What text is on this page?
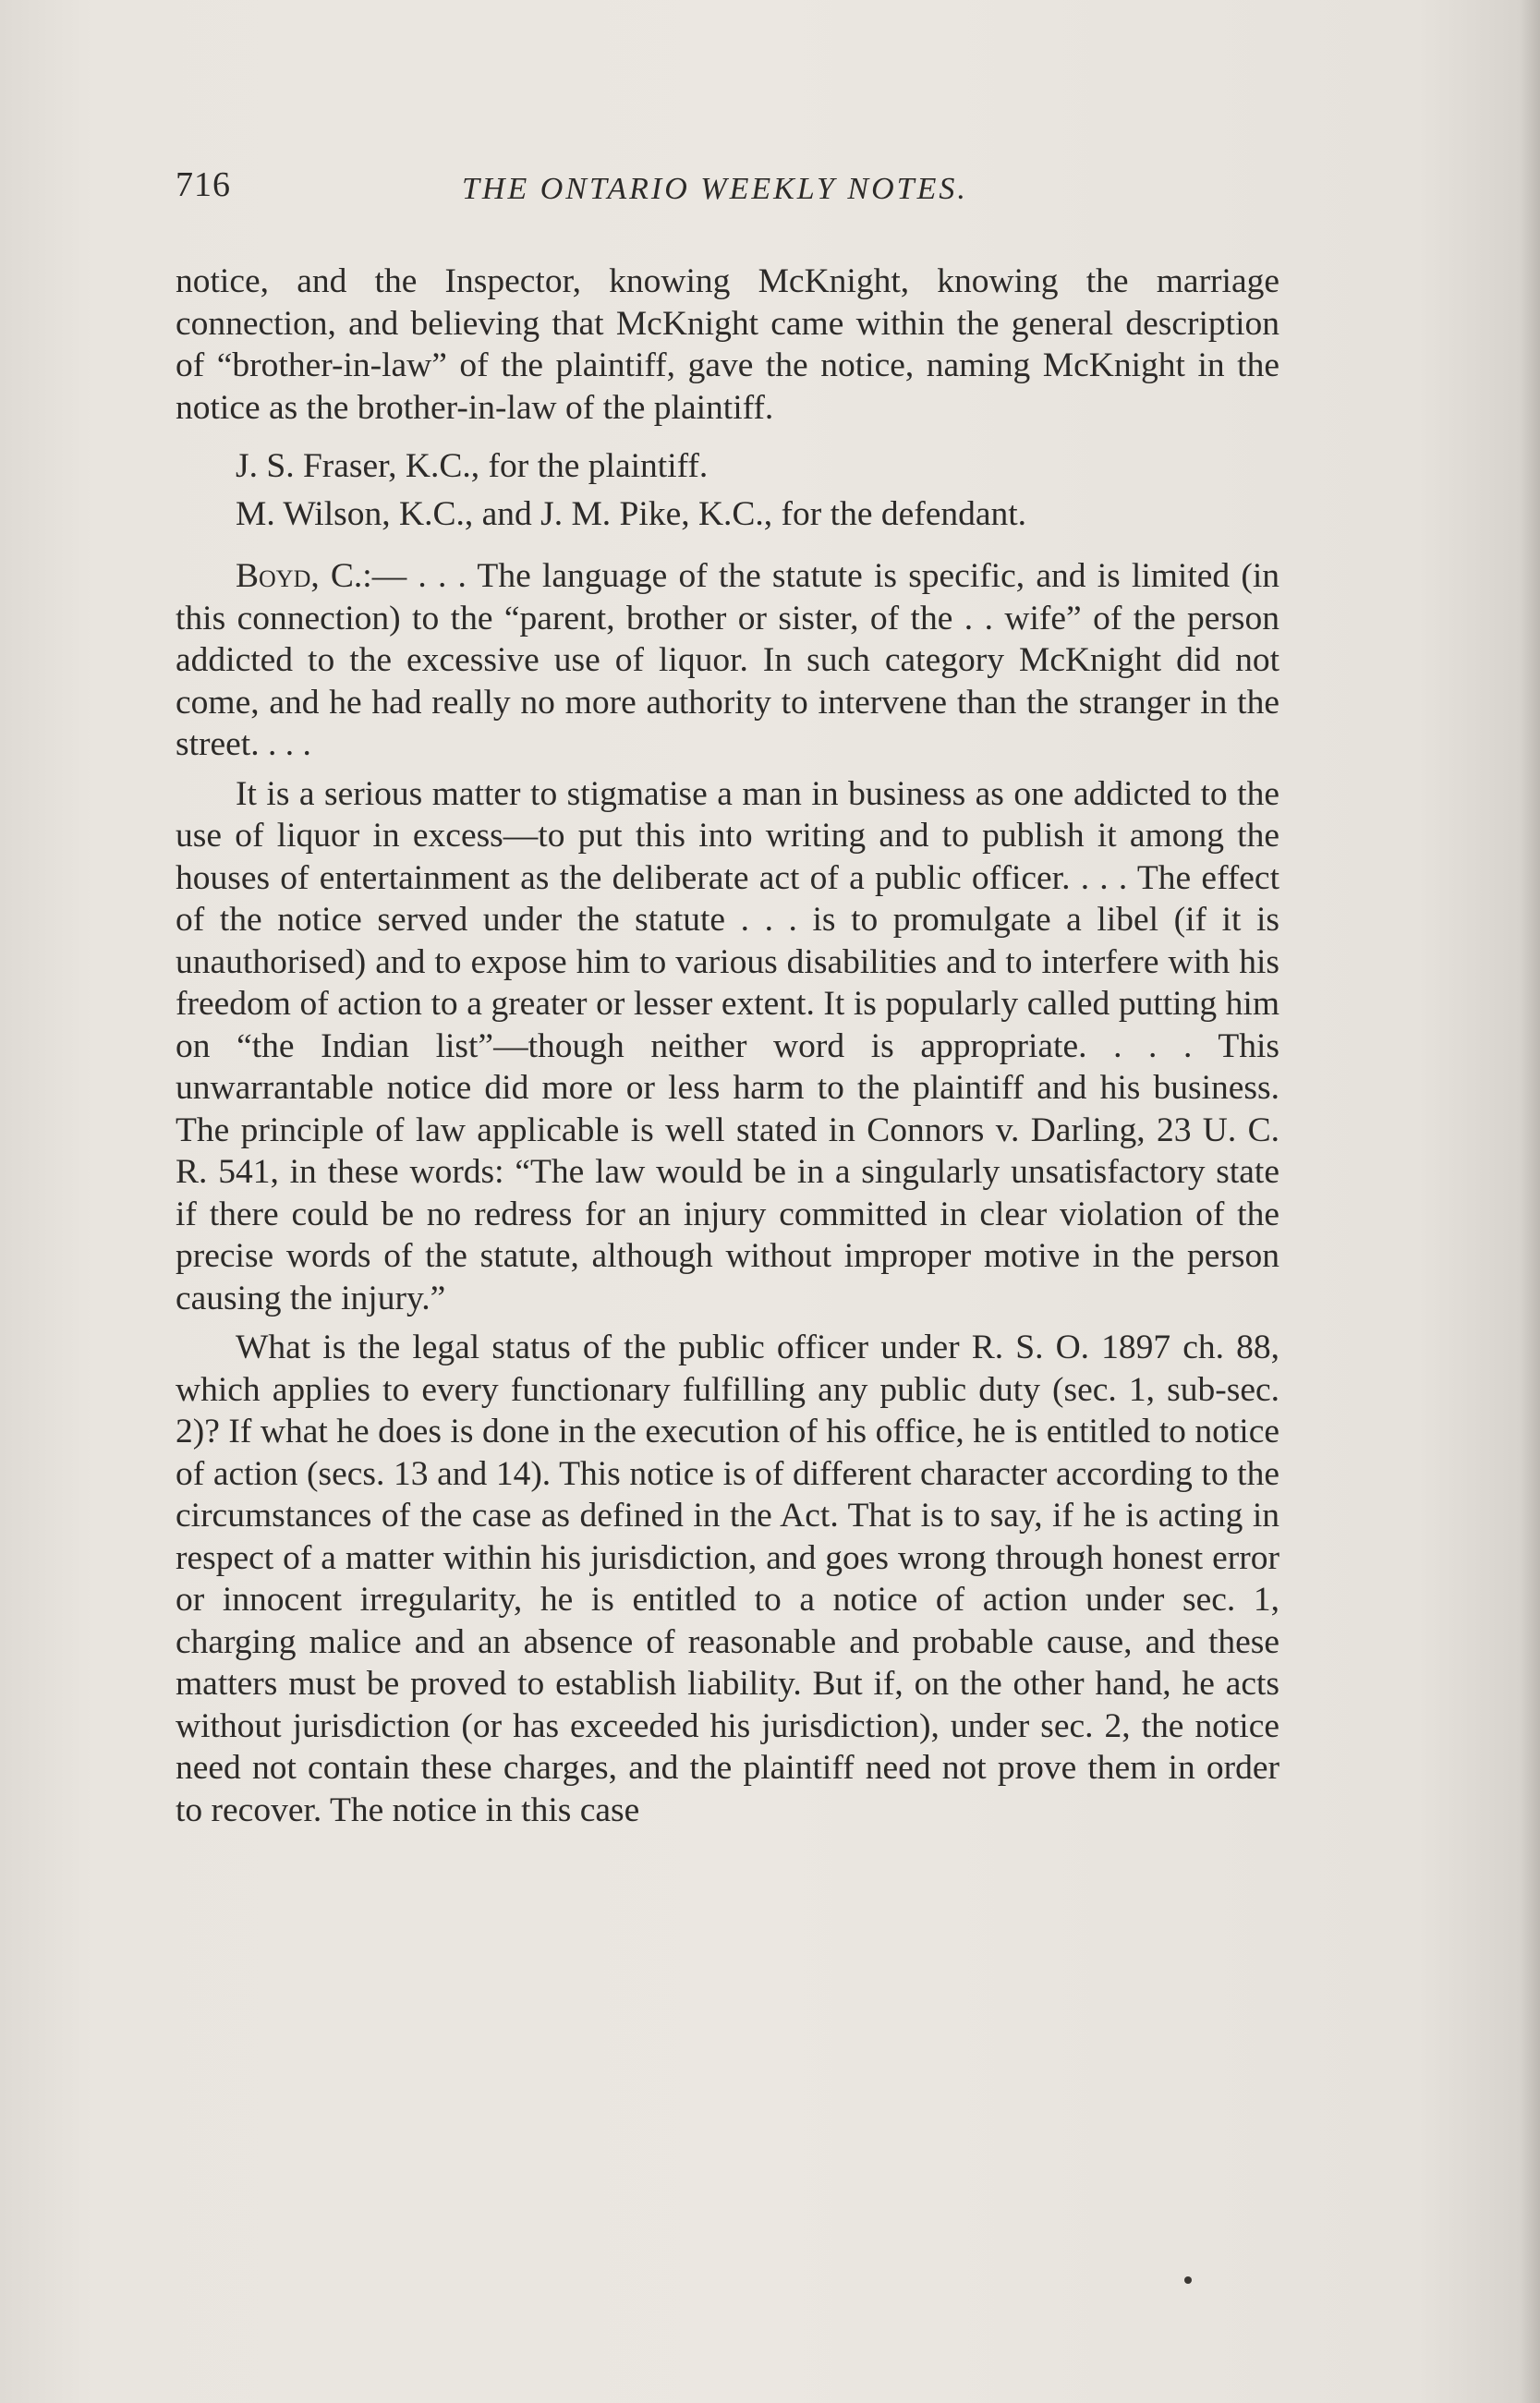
716	THE ONTARIO WEEKLY NOTES.

notice, and the Inspector, knowing McKnight, knowing the marriage connection, and believing that McKnight came within the general description of “brother-in-law” of the plaintiff, gave the notice, naming McKnight in the notice as the brother-in-law of the plaintiff.

J. S. Fraser, K.C., for the plaintiff.

M. Wilson, K.C., and J. M. Pike, K.C., for the defendant.

Boyd, C.:— . . . The language of the statute is specific, and is limited (in this connection) to the “parent, brother or sister, of the . . wife” of the person addicted to the excessive use of liquor. In such category McKnight did not come, and he had really no more authority to intervene than the stranger in the street. . . .

It is a serious matter to stigmatise a man in business as one addicted to the use of liquor in excess—to put this into writing and to publish it among the houses of entertainment as the deliberate act of a public officer. . . . The effect of the notice served under the statute . . . is to promulgate a libel (if it is unauthorised) and to expose him to various disabilities and to interfere with his freedom of action to a greater or lesser extent. It is popularly called putting him on “the Indian list”—though neither word is appropriate. . . . This unwarrantable notice did more or less harm to the plaintiff and his business. The principle of law applicable is well stated in Connors v. Darling, 23 U. C. R. 541, in these words: “The law would be in a singularly unsatisfactory state if there could be no redress for an injury committed in clear violation of the precise words of the statute, although without improper motive in the person causing the injury.”

What is the legal status of the public officer under R. S. O. 1897 ch. 88, which applies to every functionary fulfilling any public duty (sec. 1, sub-sec. 2)? If what he does is done in the execution of his office, he is entitled to notice of action (secs. 13 and 14). This notice is of different character according to the circumstances of the case as defined in the Act. That is to say, if he is acting in respect of a matter within his jurisdiction, and goes wrong through honest error or innocent irregularity, he is entitled to a notice of action under sec. 1, charging malice and an absence of reasonable and probable cause, and these matters must be proved to establish liability. But if, on the other hand, he acts without jurisdiction (or has exceeded his jurisdiction), under sec. 2, the notice need not contain these charges, and the plaintiff need not prove them in order to recover. The notice in this case
